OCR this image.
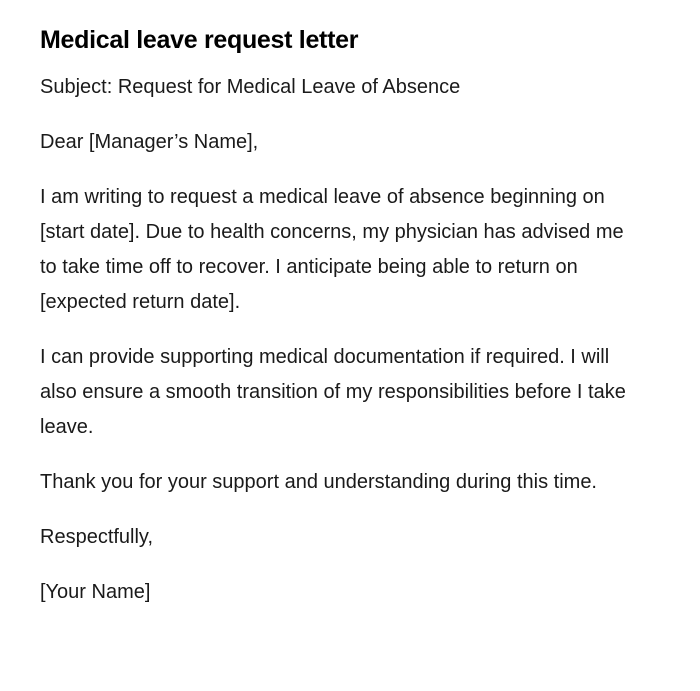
Medical leave request letter

Subject: Request for Medical Leave of Absence

Dear [Manager’s Name],

I am writing to request a medical leave of absence beginning on [start date]. Due to health concerns, my physician has advised me to take time off to recover. I anticipate being able to return on [expected return date].

I can provide supporting medical documentation if required. I will also ensure a smooth transition of my responsibilities before I take leave.

Thank you for your support and understanding during this time.

Respectfully,

[Your Name]
